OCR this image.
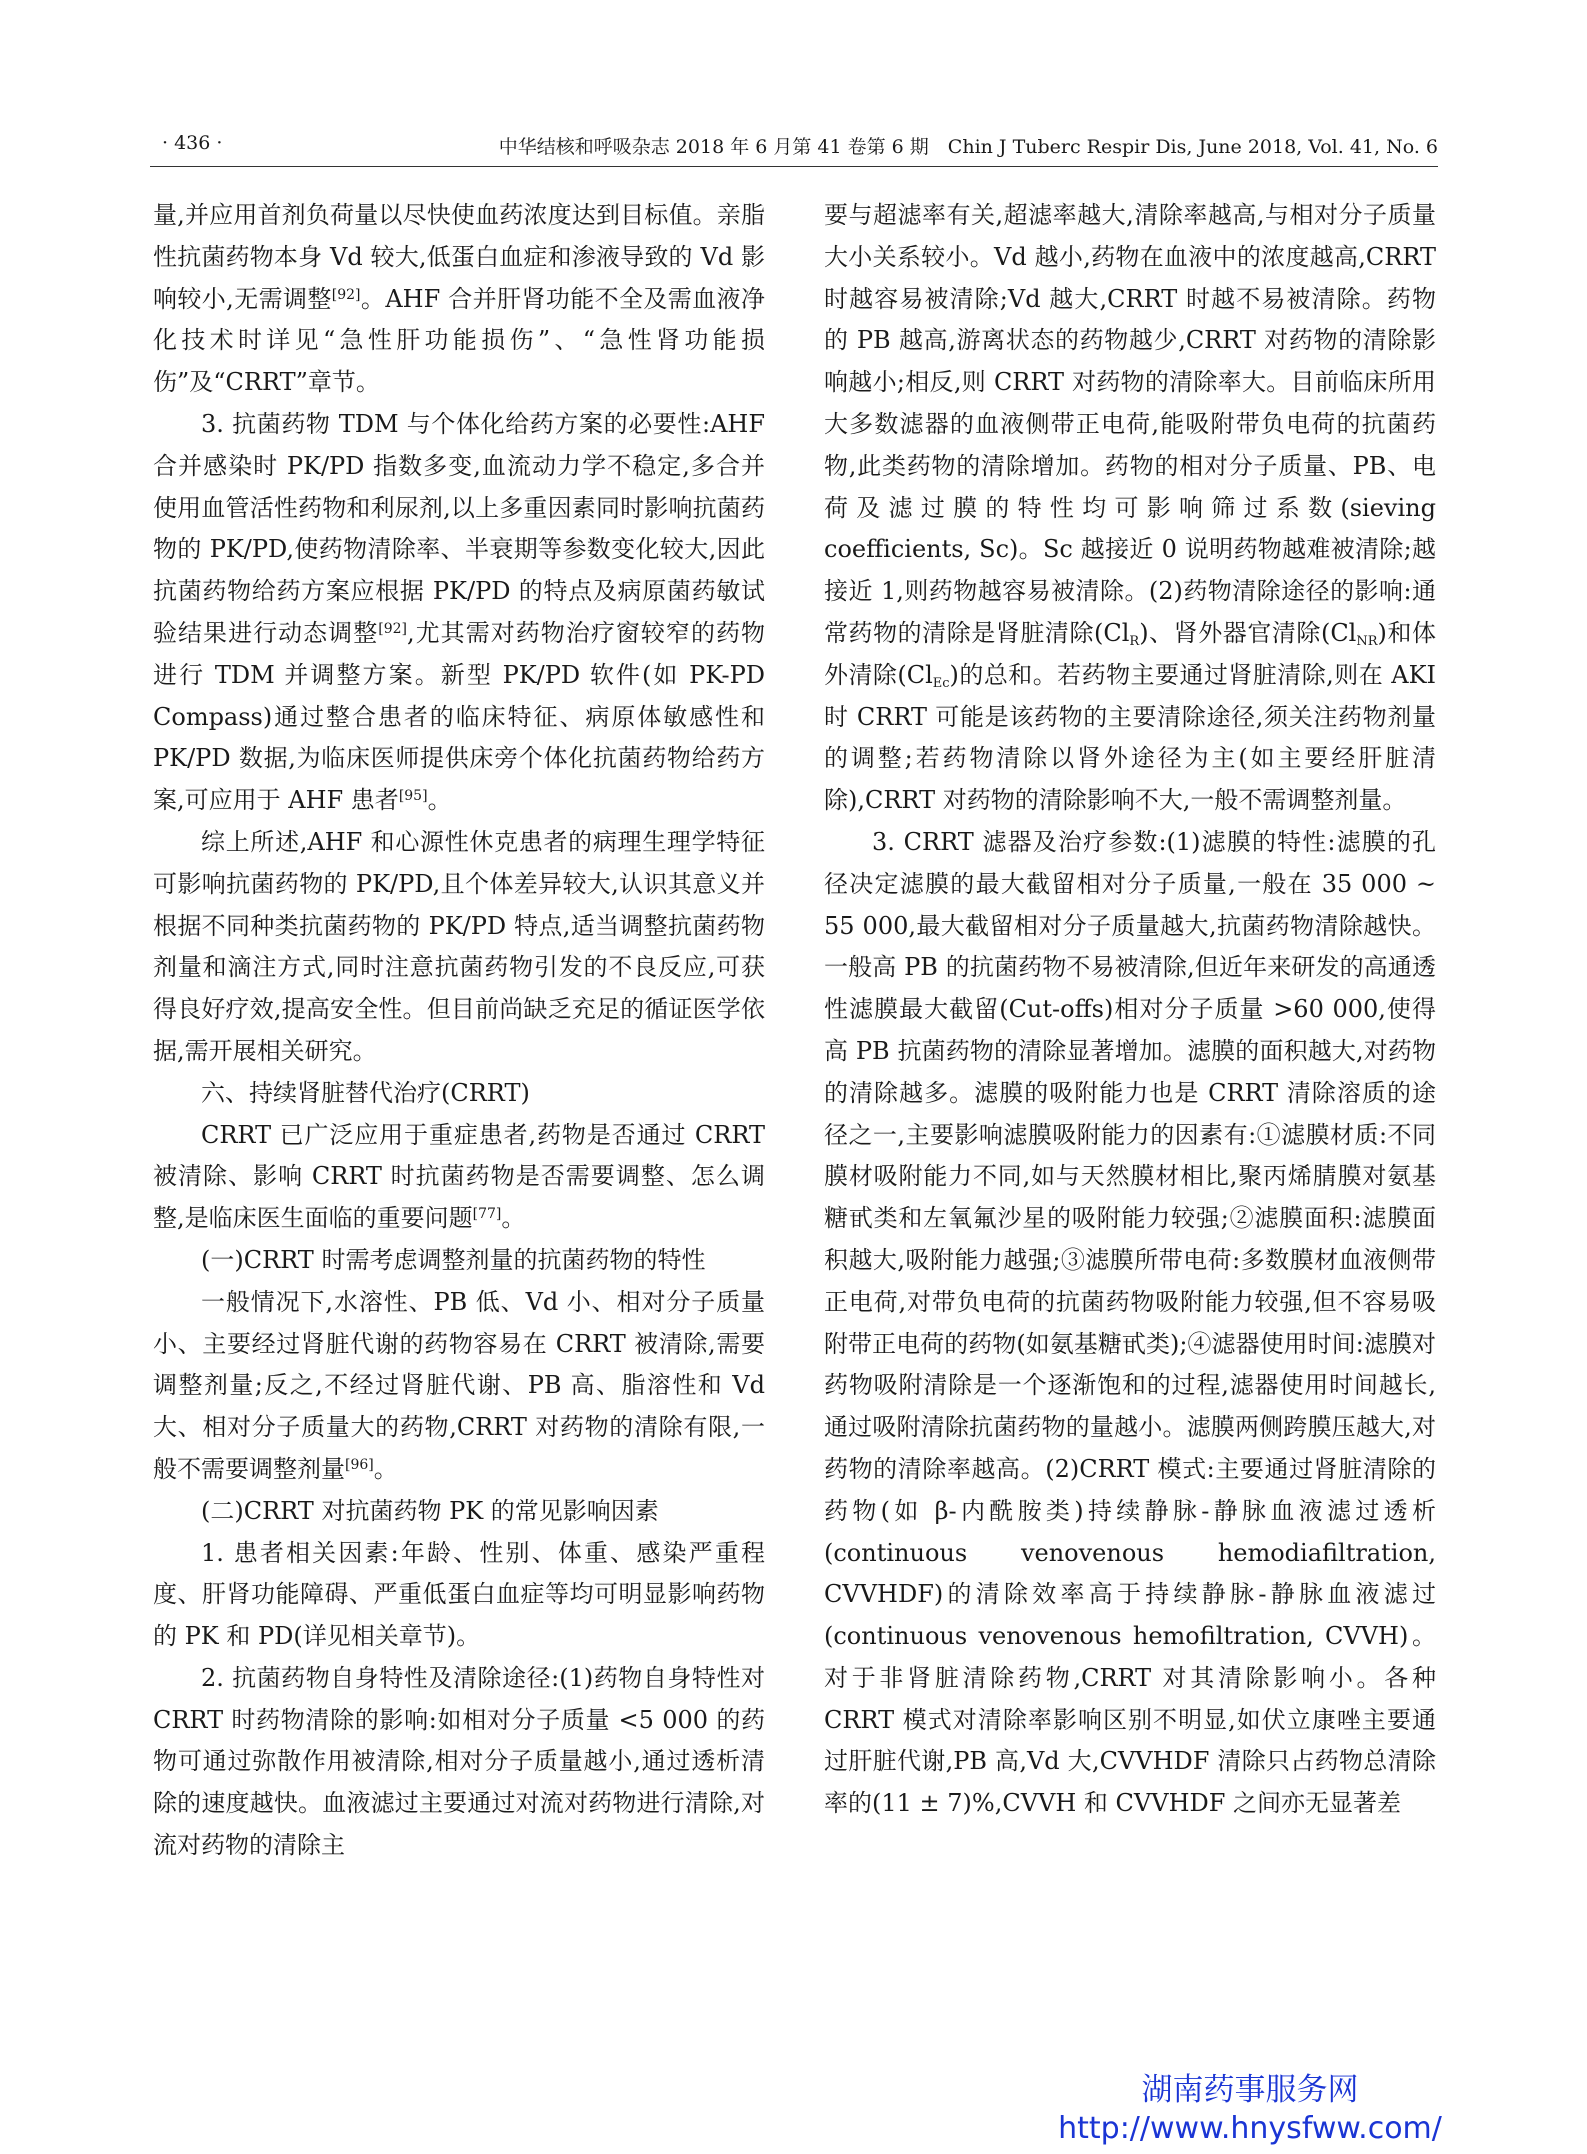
· 436 ·	中华结核和呼吸杂志 2018 年 6 月第 41 卷第 6 期　Chin J Tuberc Respir Dis, June 2018, Vol. 41, No. 6

量,并应用首剂负荷量以尽快使血药浓度达到目标值。亲脂性抗菌药物本身 Vd 较大,低蛋白血症和渗液导致的 Vd 影响较小,无需调整[92]。AHF 合并肝肾功能不全及需血液净化技术时详见“急性肝功能损伤”、“急性肾功能损伤”及“CRRT”章节。

3. 抗菌药物 TDM 与个体化给药方案的必要性:AHF 合并感染时 PK/PD 指数多变,血流动力学不稳定,多合并使用血管活性药物和利尿剂,以上多重因素同时影响抗菌药物的 PK/PD,使药物清除率、半衰期等参数变化较大,因此抗菌药物给药方案应根据 PK/PD 的特点及病原菌药敏试验结果进行动态调整[92],尤其需对药物治疗窗较窄的药物进行 TDM 并调整方案。新型 PK/PD 软件(如 PK-PD Compass)通过整合患者的临床特征、病原体敏感性和 PK/PD 数据,为临床医师提供床旁个体化抗菌药物给药方案,可应用于 AHF 患者[95]。

综上所述,AHF 和心源性休克患者的病理生理学特征可影响抗菌药物的 PK/PD,且个体差异较大,认识其意义并根据不同种类抗菌药物的 PK/PD 特点,适当调整抗菌药物剂量和滴注方式,同时注意抗菌药物引发的不良反应,可获得良好疗效,提高安全性。但目前尚缺乏充足的循证医学依据,需开展相关研究。

六、持续肾脏替代治疗(CRRT)

CRRT 已广泛应用于重症患者,药物是否通过 CRRT 被清除、影响 CRRT 时抗菌药物是否需要调整、怎么调整,是临床医生面临的重要问题[77]。

(一)CRRT 时需考虑调整剂量的抗菌药物的特性

一般情况下,水溶性、PB 低、Vd 小、相对分子质量小、主要经过肾脏代谢的药物容易在 CRRT 被清除,需要调整剂量;反之,不经过肾脏代谢、PB 高、脂溶性和 Vd 大、相对分子质量大的药物,CRRT 对药物的清除有限,一般不需要调整剂量[96]。

(二)CRRT 对抗菌药物 PK 的常见影响因素

1. 患者相关因素:年龄、性别、体重、感染严重程度、肝肾功能障碍、严重低蛋白血症等均可明显影响药物的 PK 和 PD(详见相关章节)。

2. 抗菌药物自身特性及清除途径:(1)药物自身特性对 CRRT 时药物清除的影响:如相对分子质量 <5 000 的药物可通过弥散作用被清除,相对分子质量越小,通过透析清除的速度越快。血液滤过主要通过对流对药物进行清除,对流对药物的清除主

要与超滤率有关,超滤率越大,清除率越高,与相对分子质量大小关系较小。Vd 越小,药物在血液中的浓度越高,CRRT 时越容易被清除;Vd 越大,CRRT 时越不易被清除。药物的 PB 越高,游离状态的药物越少,CRRT 对药物的清除影响越小;相反,则 CRRT 对药物的清除率大。目前临床所用大多数滤器的血液侧带正电荷,能吸附带负电荷的抗菌药物,此类药物的清除增加。药物的相对分子质量、PB、电荷及滤过膜的特性均可影响筛过系数(sieving coefficients, Sc)。Sc 越接近 0 说明药物越难被清除;越接近 1,则药物越容易被清除。(2)药物清除途径的影响:通常药物的清除是肾脏清除$(Cl_R)$、肾外器官清除$(Cl_{NR})$和体外清除$(Cl_{Ec})$的总和。若药物主要通过肾脏清除,则在 AKI 时 CRRT 可能是该药物的主要清除途径,须关注药物剂量的调整;若药物清除以肾外途径为主(如主要经肝脏清除),CRRT 对药物的清除影响不大,一般不需调整剂量。

3. CRRT 滤器及治疗参数:(1)滤膜的特性:滤膜的孔径决定滤膜的最大截留相对分子质量,一般在 35 000 ~ 55 000,最大截留相对分子质量越大,抗菌药物清除越快。一般高 PB 的抗菌药物不易被清除,但近年来研发的高通透性滤膜最大截留(Cut-offs)相对分子质量 >60 000,使得高 PB 抗菌药物的清除显著增加。滤膜的面积越大,对药物的清除越多。滤膜的吸附能力也是 CRRT 清除溶质的途径之一,主要影响滤膜吸附能力的因素有:①滤膜材质:不同膜材吸附能力不同,如与天然膜材相比,聚丙烯腈膜对氨基糖甙类和左氧氟沙星的吸附能力较强;②滤膜面积:滤膜面积越大,吸附能力越强;③滤膜所带电荷:多数膜材血液侧带正电荷,对带负电荷的抗菌药物吸附能力较强,但不容易吸附带正电荷的药物(如氨基糖甙类);④滤器使用时间:滤膜对药物吸附清除是一个逐渐饱和的过程,滤器使用时间越长,通过吸附清除抗菌药物的量越小。滤膜两侧跨膜压越大,对药物的清除率越高。(2)CRRT 模式:主要通过肾脏清除的药物(如 β-内酰胺类)持续静脉-静脉血液滤过透析(continuous venovenous hemodiafiltration, CVVHDF)的清除效率高于持续静脉-静脉血液滤过(continuous venovenous hemofiltration, CVVH)。对于非肾脏清除药物,CRRT 对其清除影响小。各种 CRRT 模式对清除率影响区别不明显,如伏立康唑主要通过肝脏代谢,PB 高,Vd 大,CVVHDF 清除只占药物总清除率的(11 ± 7)%,CVVH 和 CVVHDF 之间亦无显著差

湖南药事服务网
http://www.hnysfww.com/
